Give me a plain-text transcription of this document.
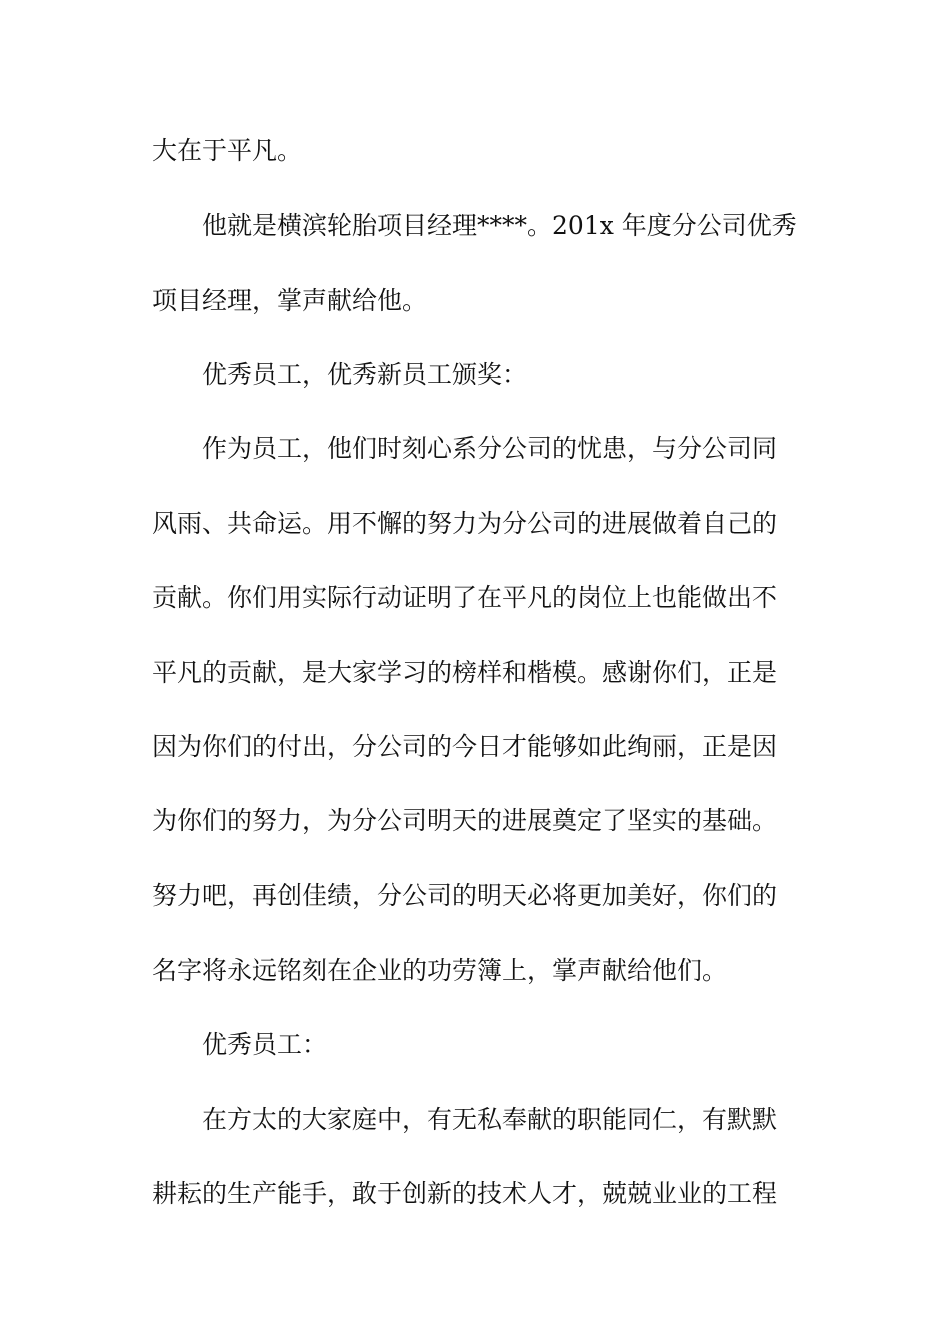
大在于平凡。
他就是横滨轮胎项目经理****。201x 年度分公司优秀
项目经理，掌声献给他。
优秀员工，优秀新员工颁奖：
作为员工，他们时刻心系分公司的忧患，与分公司同
风雨、共命运。用不懈的努力为分公司的进展做着自己的
贡献。你们用实际行动证明了在平凡的岗位上也能做出不
平凡的贡献，是大家学习的榜样和楷模。感谢你们，正是
因为你们的付出，分公司的今日才能够如此绚丽，正是因
为你们的努力，为分公司明天的进展奠定了坚实的基础。
努力吧，再创佳绩，分公司的明天必将更加美好，你们的
名字将永远铭刻在企业的功劳簿上，掌声献给他们。
优秀员工：
在方太的大家庭中，有无私奉献的职能同仁，有默默
耕耘的生产能手，敢于创新的技术人才，兢兢业业的工程
